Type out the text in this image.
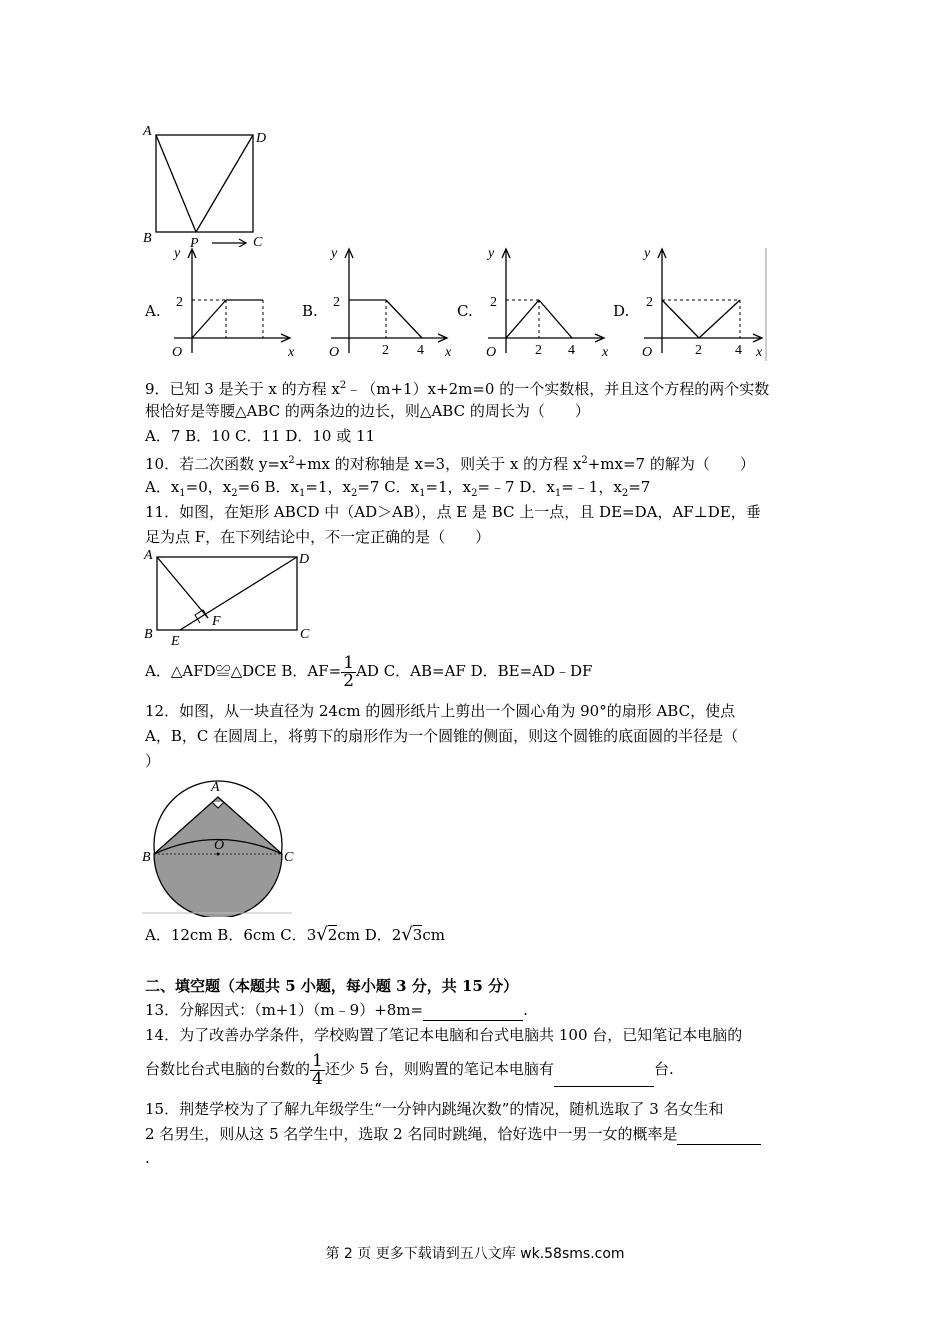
A	D
B	P	C
A.
y
2
O	x
B.
y
2
O	2 4 x
C.
y
2
O	2 4 x
D.
y
2
O	2 4 x
9．已知 3 是关于 x 的方程 $x^2﹣(m+1)x+2m=0$ 的一个实数根，并且这个方程的两个实数
根恰好是等腰△ABC 的两条边的边长，则△ABC 的周长为（　　）
A．7 B．10 C．11 D．10 或 11
10．若二次函数 $y=x^2+mx$ 的对称轴是 x=3，则关于 x 的方程 $x^2+mx=7$ 的解为（　　）
A．$x_1=0$，$x_2=6$ B．$x_1=1$，$x_2=7$ C．$x_1=1$，$x_2=﹣7$ D．$x_1=﹣1$，$x_2=7$
11．如图，在矩形 ABCD 中（AD＞AB），点 E 是 BC 上一点，且 DE=DA，AF⊥DE，垂
足为点 F，在下列结论中，不一定正确的是（　　）
A	D
B E
F
C
A．△AFD≌△DCE B．$AF= \frac{1}{2}$ AD C．AB=AF D．BE=AD﹣DF
12．如图，从一块直径为 24cm 的圆形纸片上剪出一个圆心角为 90°的扇形 ABC，使点
A，B，C 在圆周上，将剪下的扇形作为一个圆锥的侧面，则这个圆锥的底面圆的半径是（
）
A
O
B	C
A．12cm B．6cm C．3√2cm D．2√3cm
二、填空题（本题共 5 小题，每小题 3 分，共 15 分）
13．分解因式：（m+1）（m﹣9）+8m=	.
14．为了改善办学条件，学校购置了笔记本电脑和台式电脑共 100 台，已知笔记本电脑的
台数比台式电脑的台数的 $\frac{1}{4}$ 还少 5 台，则购置的笔记本电脑有	台.
15．荆楚学校为了了解九年级学生“一分钟内跳绳次数”的情况，随机选取了 3 名女生和
2 名男生，则从这 5 名学生中，选取 2 名同时跳绳，恰好选中一男一女的概率是
.
第 2 页 更多下载请到五八文库 wk.58sms.com
